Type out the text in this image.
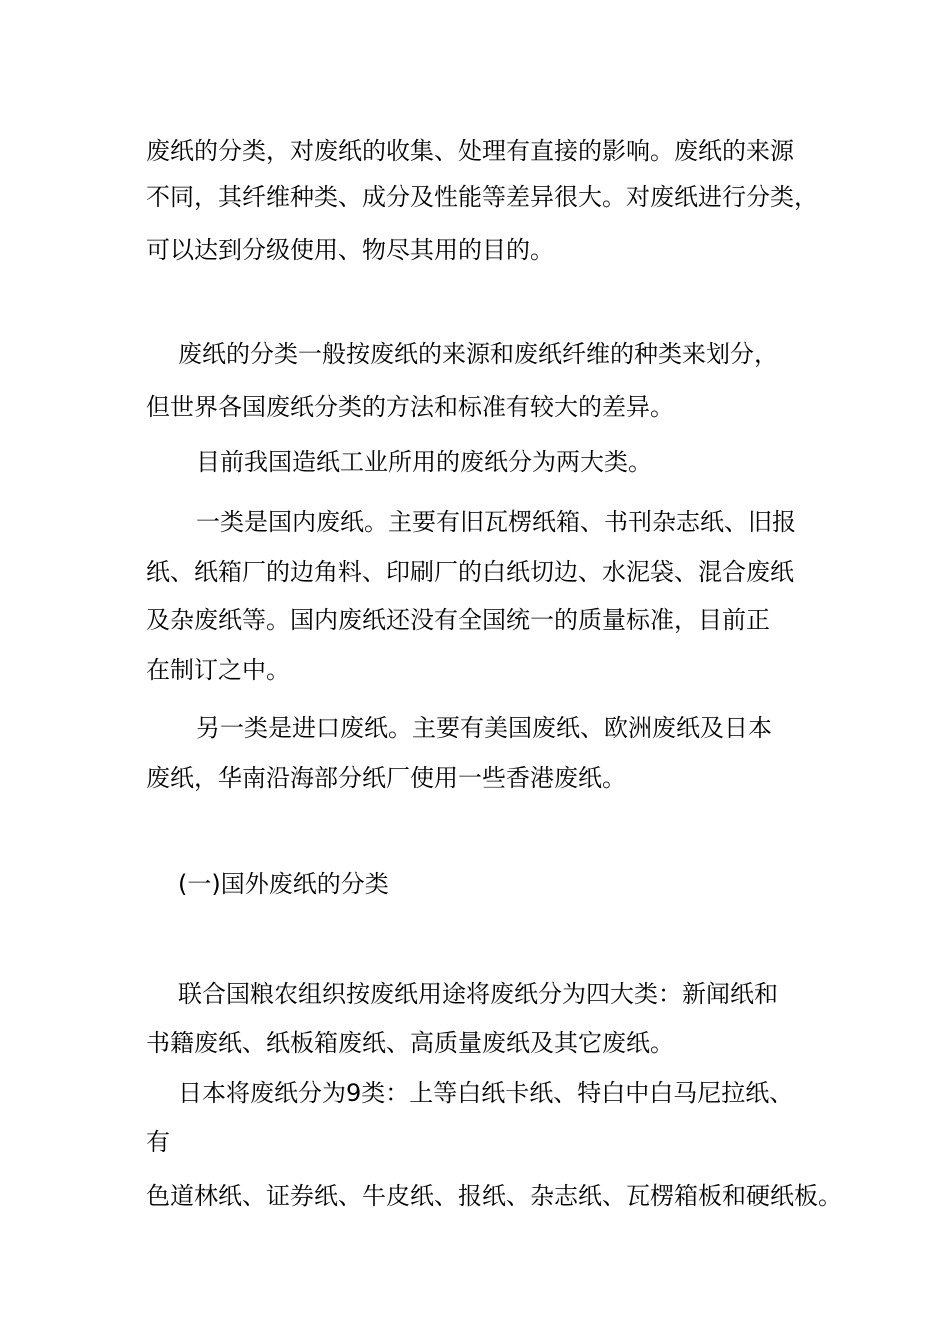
废纸的分类，对废纸的收集、处理有直接的影响。废纸的来源
不同，其纤维种类、成分及性能等差异很大。对废纸进行分类，
可以达到分级使用、物尽其用的目的。
废纸的分类一般按废纸的来源和废纸纤维的种类来划分，
但世界各国废纸分类的方法和标准有较大的差异。
目前我国造纸工业所用的废纸分为两大类。
一类是国内废纸。主要有旧瓦楞纸箱、书刊杂志纸、旧报
纸、纸箱厂的边角料、印刷厂的白纸切边、水泥袋、混合废纸
及杂废纸等。国内废纸还没有全国统一的质量标准，目前正
在制订之中。
另一类是进口废纸。主要有美国废纸、欧洲废纸及日本
废纸，华南沿海部分纸厂使用一些香港废纸。
(一)国外废纸的分类
联合国粮农组织按废纸用途将废纸分为四大类：新闻纸和
书籍废纸、纸板箱废纸、高质量废纸及其它废纸。
日本将废纸分为9类：上等白纸卡纸、特白中白马尼拉纸、
有
色道林纸、证券纸、牛皮纸、报纸、杂志纸、瓦楞箱板和硬纸板。
